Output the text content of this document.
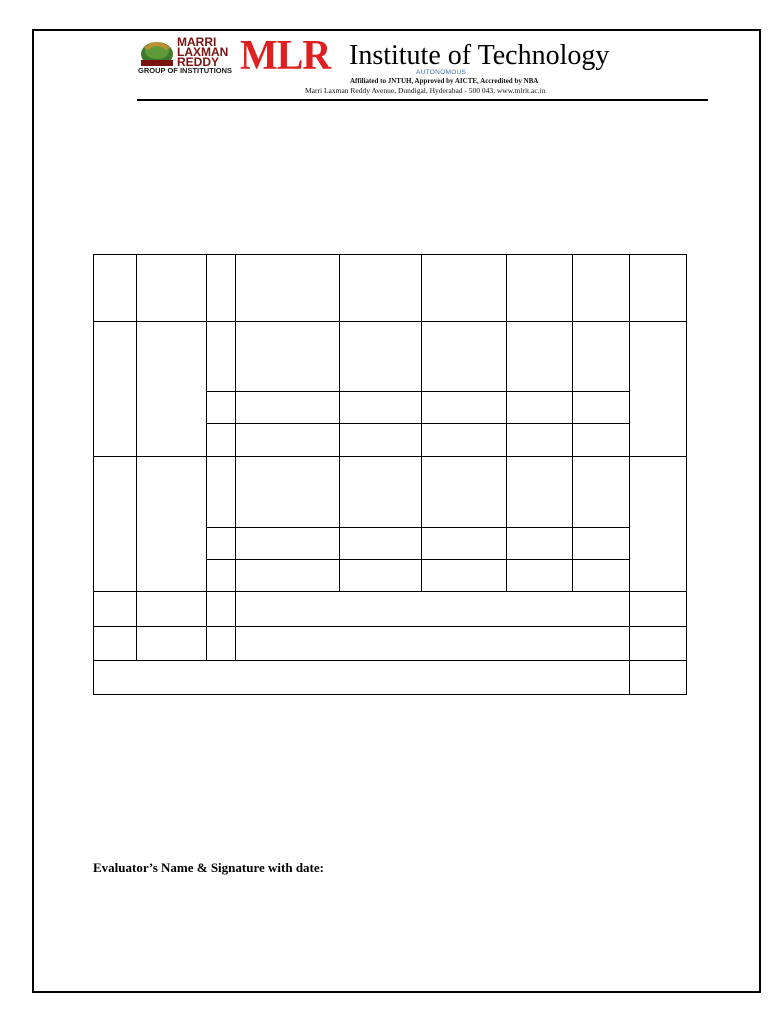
MARRI
LAXMAN
REDDY
GROUP OF INSTITUTIONS MLR Institute of Technology
AUTONOMOUS
Affiliated to JNTUH, Approved by AICTE, Accredited by NBA
Marri Laxman Reddy Avenue, Dundigal, Hyderabad - 500 043, www.mlrit.ac.in
Evaluator’s Name & Signature with date:
